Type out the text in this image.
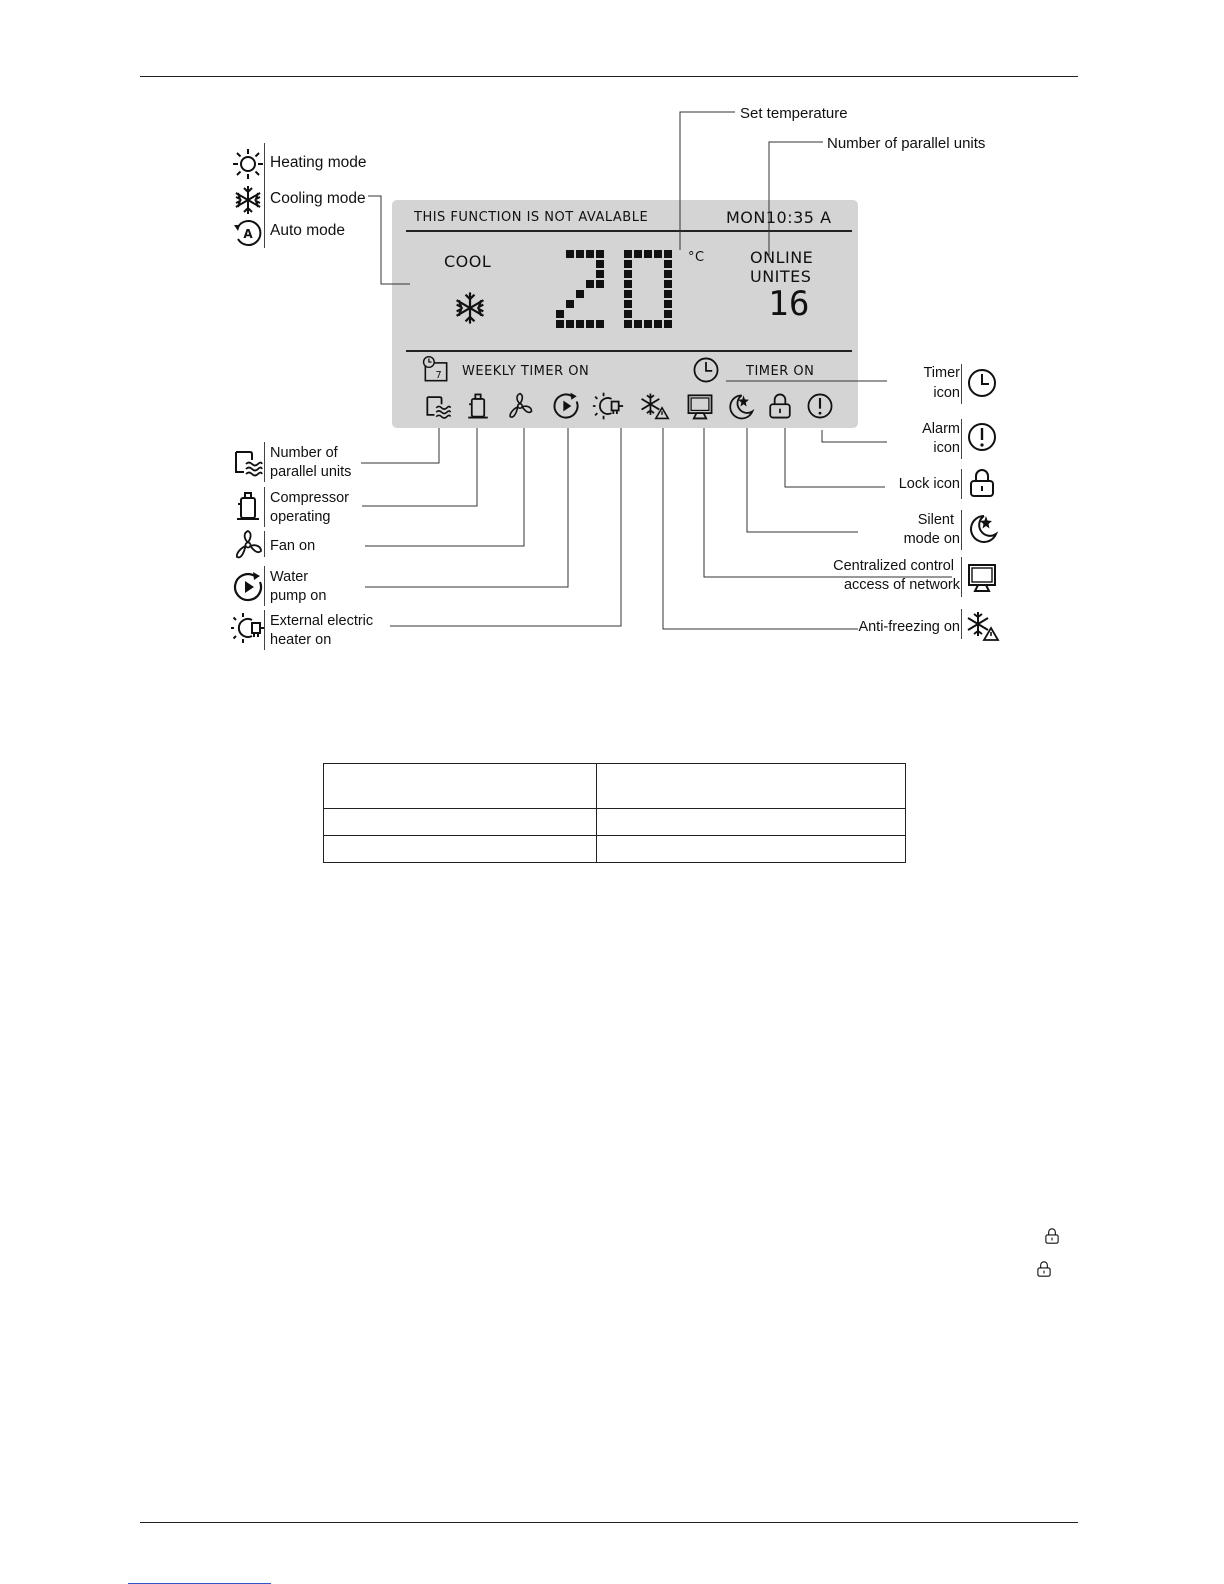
Set temperature
Number of parallel units
Heating mode
Cooling mode
Auto mode
THIS FUNCTION IS NOT AVALABLE	MON10:35 A
COOL	°C	ONLINE
UNITES
16
WEEKLY TIMER ON	TIMER ON
Number of
parallel units
Compressor
operating
Fan on
Water
pump on
External electric
heater on
Timer
icon
Alarm
icon
Lock icon
Silent
mode on
Centralized control
access of network
Anti-freezing on
